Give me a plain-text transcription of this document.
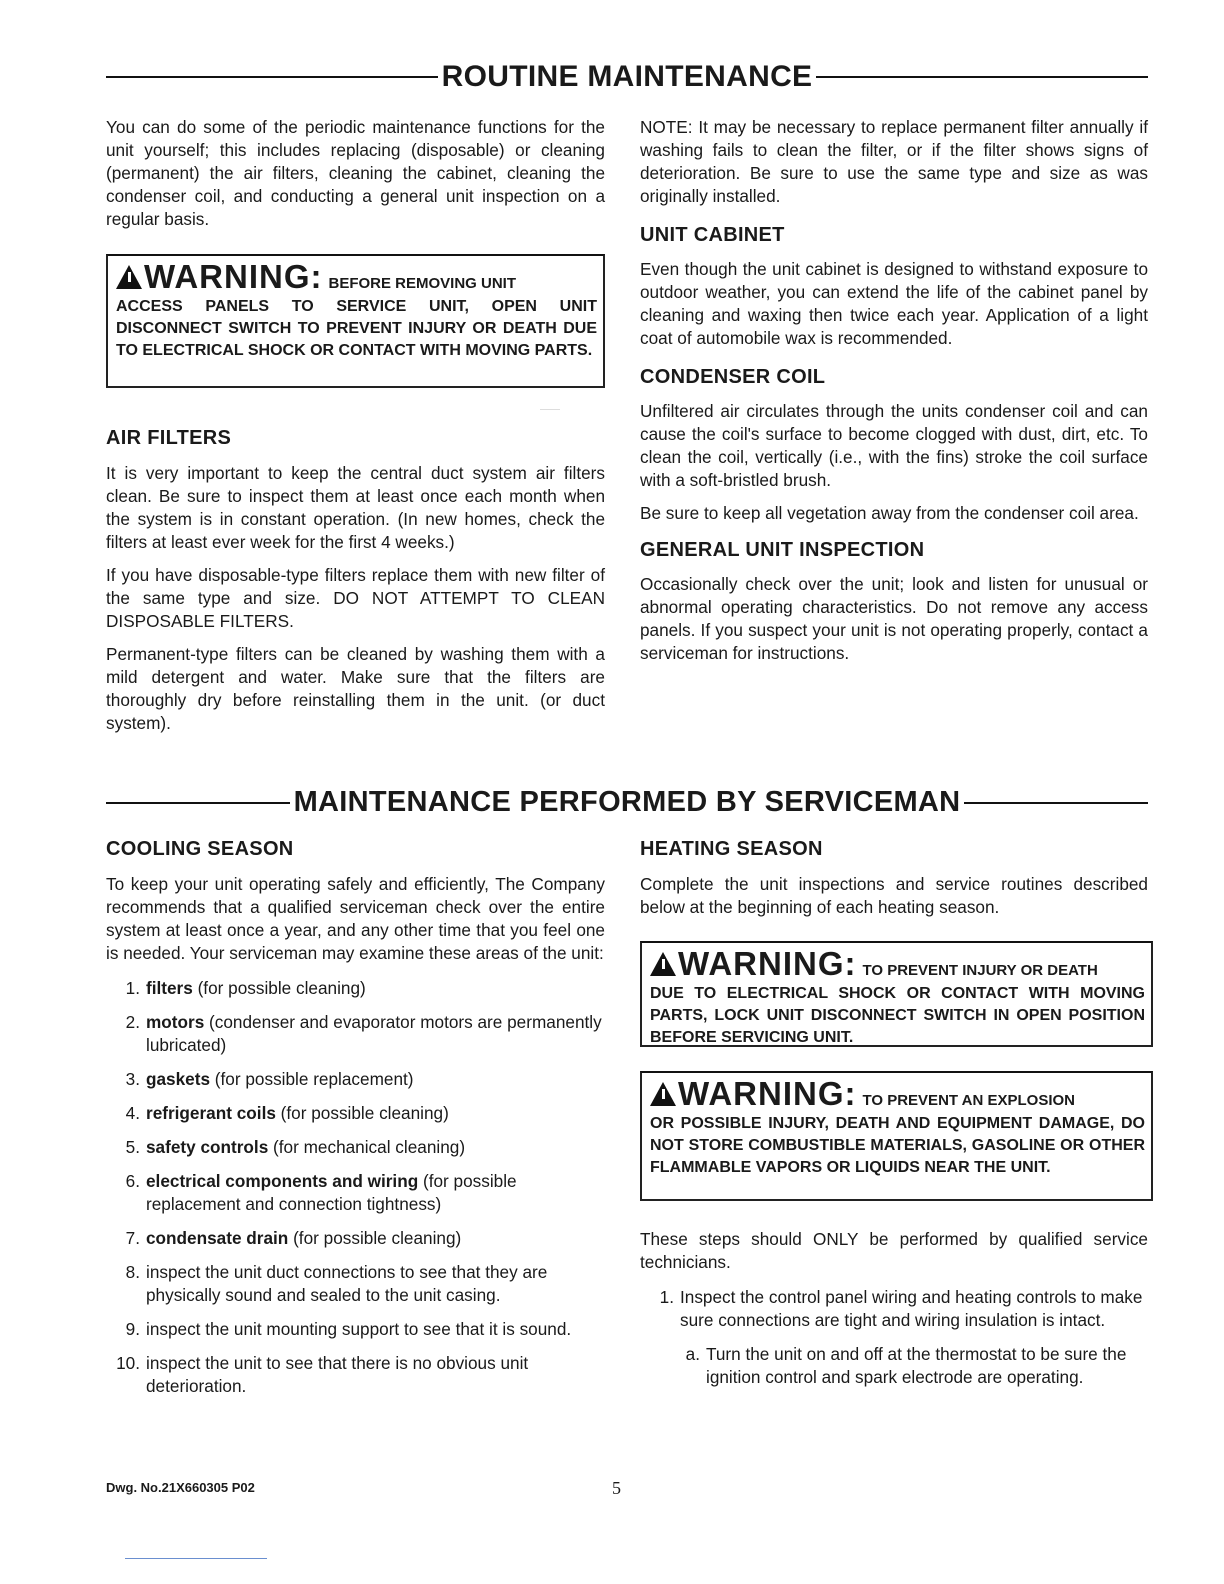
ROUTINE MAINTENANCE

You can do some of the periodic maintenance functions for the unit yourself; this includes replacing (disposable) or cleaning (permanent) the air filters, cleaning the cabinet, cleaning the condenser coil, and conducting a general unit inspection on a regular basis.

WARNING: BEFORE REMOVING UNIT
ACCESS PANELS TO SERVICE UNIT, OPEN UNIT DISCONNECT SWITCH TO PREVENT INJURY OR DEATH DUE TO ELECTRICAL SHOCK OR CONTACT WITH MOVING PARTS.
AIR FILTERS

It is very important to keep the central duct system air filters clean. Be sure to inspect them at least once each month when the system is in constant operation. (In new homes, check the filters at least ever week for the first 4 weeks.)

If you have disposable-type filters replace them with new filter of the same type and size. DO NOT ATTEMPT TO CLEAN DISPOSABLE FILTERS.

Permanent-type filters can be cleaned by washing them with a mild detergent and water. Make sure that the filters are thoroughly dry before reinstalling them in the unit. (or duct system).

NOTE: It may be necessary to replace permanent filter annually if washing fails to clean the filter, or if the filter shows signs of deterioration. Be sure to use the same type and size as was originally installed.

UNIT CABINET

Even though the unit cabinet is designed to withstand exposure to outdoor weather, you can extend the life of the cabinet panel by cleaning and waxing then twice each year. Application of a light coat of automobile wax is recommended.

CONDENSER COIL

Unfiltered air circulates through the units condenser coil and can cause the coil's surface to become clogged with dust, dirt, etc. To clean the coil, vertically (i.e., with the fins) stroke the coil surface with a soft-bristled brush.

Be sure to keep all vegetation away from the condenser coil area.

GENERAL UNIT INSPECTION

Occasionally check over the unit; look and listen for unusual or abnormal operating characteristics. Do not remove any access panels. If you suspect your unit is not operating properly, contact a serviceman for instructions.

MAINTENANCE PERFORMED BY SERVICEMAN
COOLING SEASON

To keep your unit operating safely and efficiently, The Company recommends that a qualified serviceman check over the entire system at least once a year, and any other time that you feel one is needed. Your serviceman may examine these areas of the unit:

1. filters (for possible cleaning)
2. motors (condenser and evaporator motors are permanently lubricated)
3. gaskets (for possible replacement)
4. refrigerant coils (for possible cleaning)
5. safety controls (for mechanical cleaning)
6. electrical components and wiring (for possible replacement and connection tightness)
7. condensate drain (for possible cleaning)
8. inspect the unit duct connections to see that they are physically sound and sealed to the unit casing.
9. inspect the unit mounting support to see that it is sound.
10. inspect the unit to see that there is no obvious unit deterioration.
HEATING SEASON

Complete the unit inspections and service routines described below at the beginning of each heating season.

WARNING: TO PREVENT INJURY OR DEATH
DUE TO ELECTRICAL SHOCK OR CONTACT WITH MOVING PARTS, LOCK UNIT DISCONNECT SWITCH IN OPEN POSITION BEFORE SERVICING UNIT.
WARNING: TO PREVENT AN EXPLOSION
OR POSSIBLE INJURY, DEATH AND EQUIPMENT DAMAGE, DO NOT STORE COMBUSTIBLE MATERIALS, GASOLINE OR OTHER FLAMMABLE VAPORS OR LIQUIDS NEAR THE UNIT.

These steps should ONLY be performed by qualified service technicians.

1. Inspect the control panel wiring and heating controls to make sure connections are tight and wiring insulation is intact.
a. Turn the unit on and off at the thermostat to be sure the ignition control and spark electrode are operating.
Dwg. No.21X660305 P02	5
